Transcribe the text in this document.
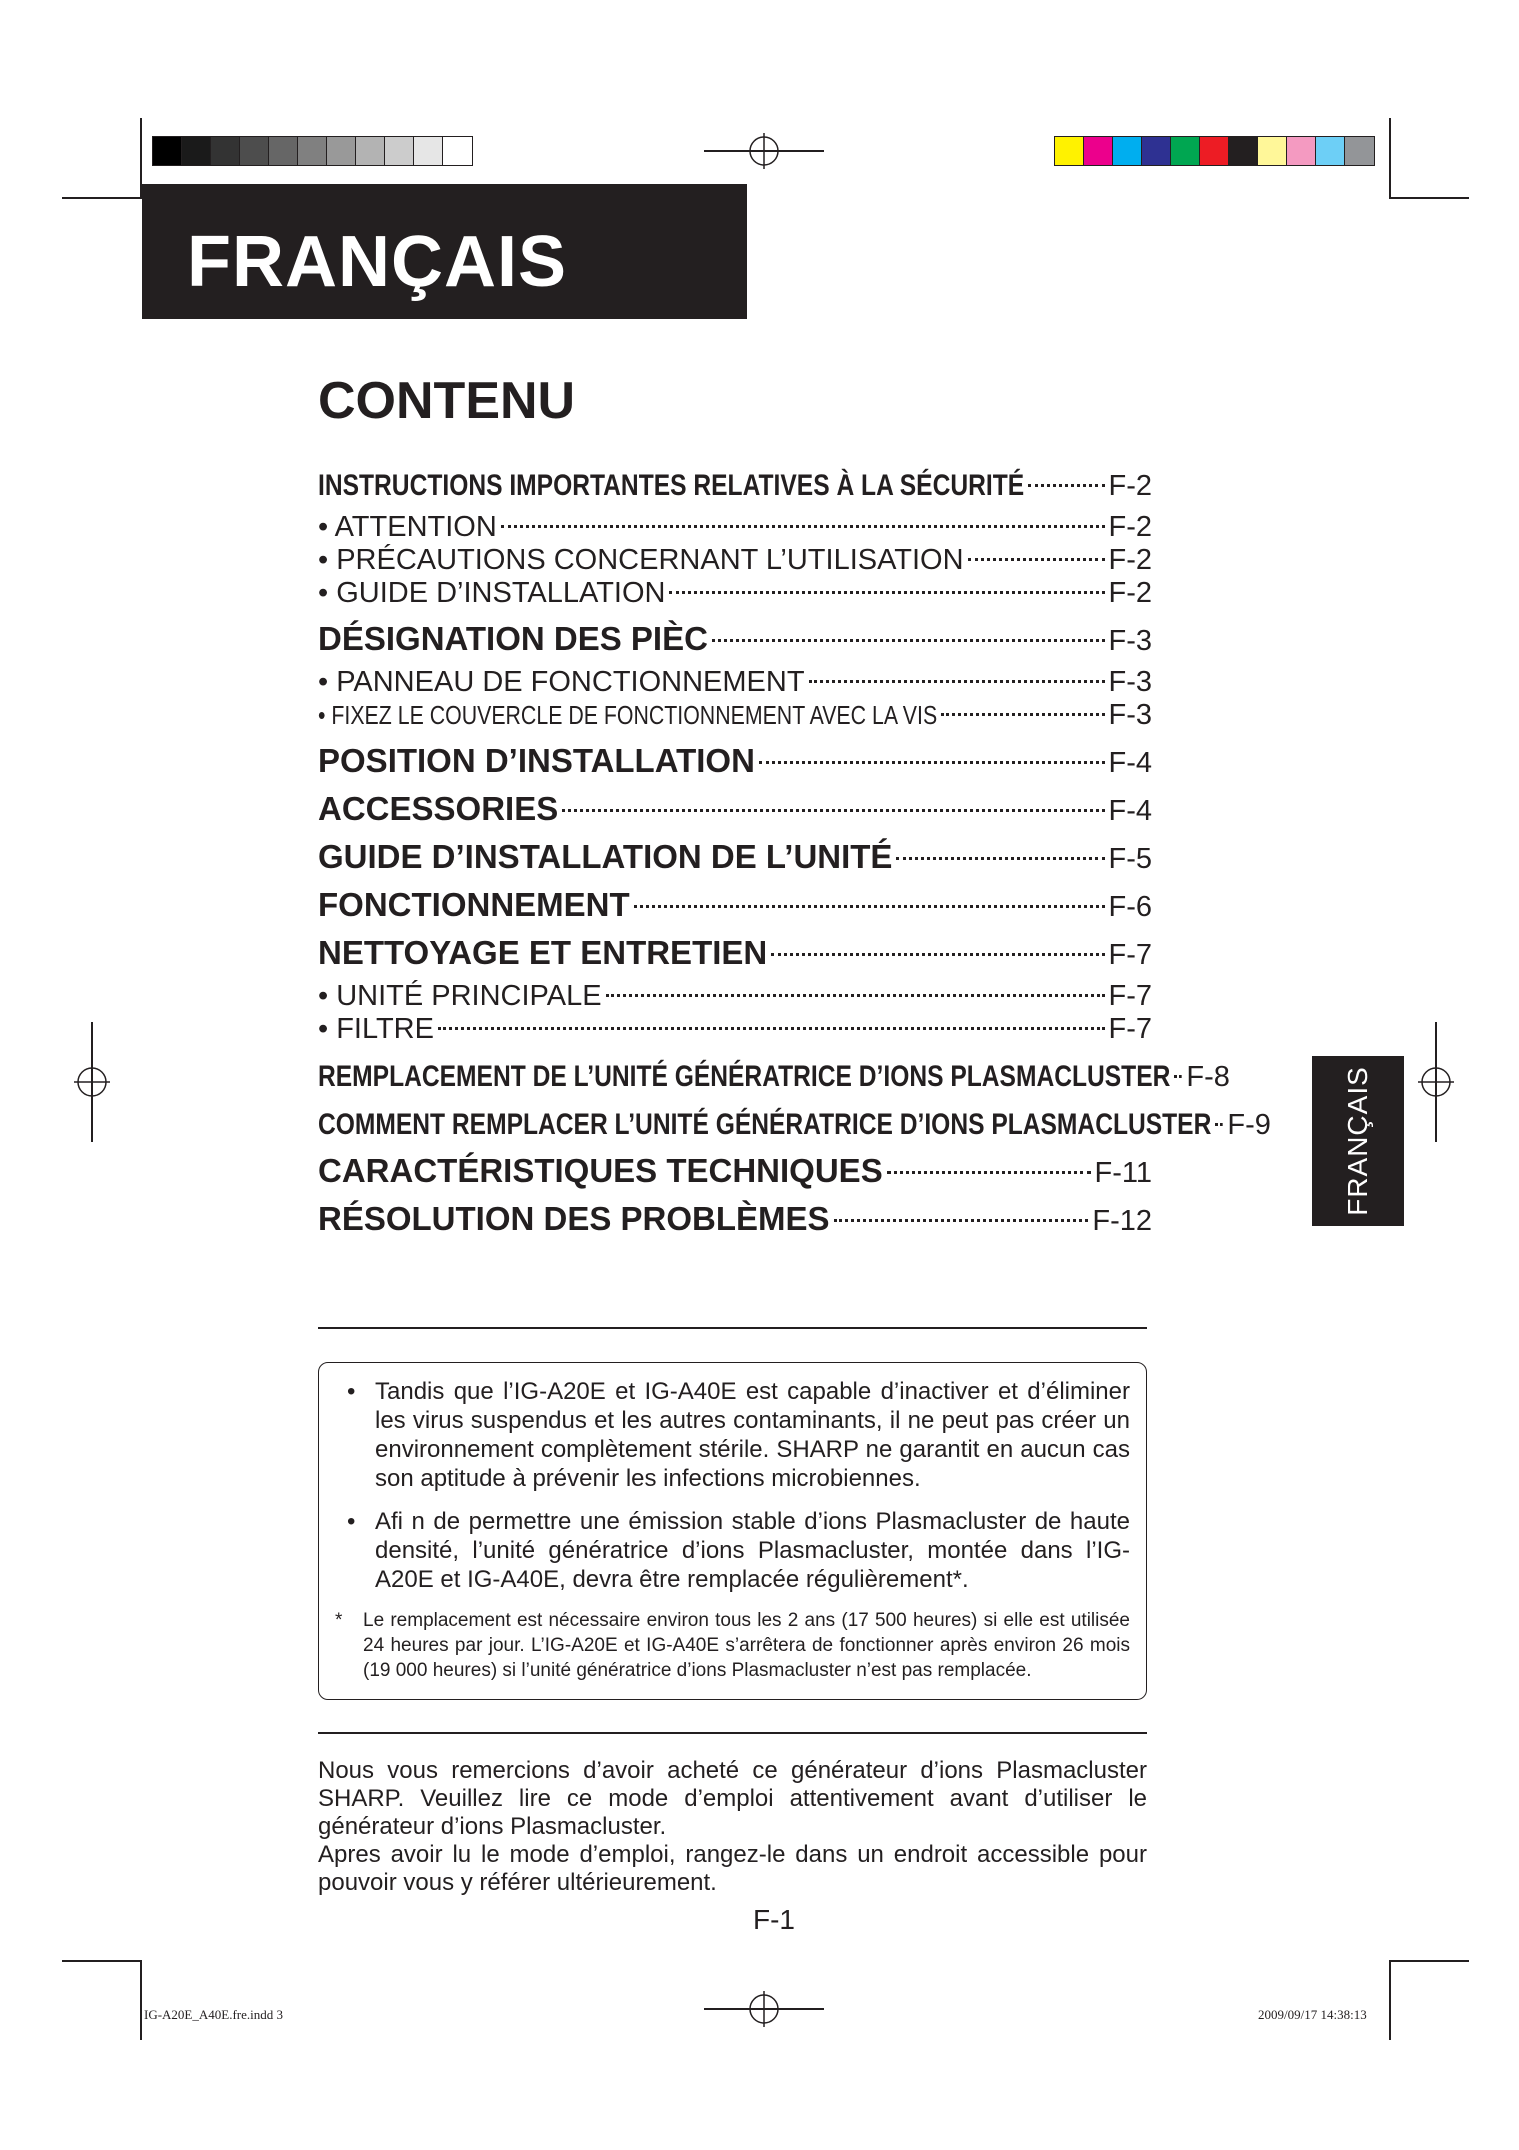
FRANÇAIS
FRANÇAIS
CONTENU
INSTRUCTIONS IMPORTANTES RELATIVES À LA SÉCURITÉ	F-2
• ATTENTION	F-2
• PRÉCAUTIONS CONCERNANT L’UTILISATION	F-2
• GUIDE D’INSTALLATION	F-2
DÉSIGNATION DES PIÈC	F-3
• PANNEAU DE FONCTIONNEMENT	F-3
• FIXEZ LE COUVERCLE DE FONCTIONNEMENT AVEC LA VIS	F-3
POSITION D’INSTALLATION	F-4
ACCESSORIES	F-4
GUIDE D’INSTALLATION DE L’UNITÉ	F-5
FONCTIONNEMENT	F-6
NETTOYAGE ET ENTRETIEN	F-7
• UNITÉ PRINCIPALE	F-7
• FILTRE	F-7
REMPLACEMENT DE L’UNITÉ GÉNÉRATRICE D’IONS PLASMACLUSTER F-8
COMMENT REMPLACER L’UNITÉ GÉNÉRATRICE D’IONS PLASMACLUSTER F-9
CARACTÉRISTIQUES TECHNIQUES	F-11
RÉSOLUTION DES PROBLÈMES	F-12

• Tandis que l’IG-A20E et IG-A40E est capable d’inactiver et d’éliminer les virus suspendus et les autres contaminants, il ne peut pas créer un environnement complètement stérile. SHARP ne garantit en aucun cas son aptitude à prévenir les infections microbiennes.

• Afi n de permettre une émission stable d’ions Plasmacluster de haute densité, l’unité génératrice d’ions Plasmacluster, montée dans l’IG-A20E et IG-A40E, devra être remplacée régulièrement*.

* Le remplacement est nécessaire environ tous les 2 ans (17 500 heures) si elle est utilisée 24 heures par jour. L’IG-A20E et IG-A40E s’arrêtera de fonctionner après environ 26 mois (19 000 heures) si l’unité génératrice d’ions Plasmacluster n’est pas remplacée.

Nous vous remercions d’avoir acheté ce générateur d’ions Plasmacluster SHARP. Veuillez lire ce mode d’emploi attentivement avant d’utiliser le générateur d’ions Plasmacluster.

Apres avoir lu le mode d’emploi, rangez-le dans un endroit accessible pour pouvoir vous y référer ultérieurement.

F-1
IG-A20E_A40E.fre.indd 3	2009/09/17 14:38:13
